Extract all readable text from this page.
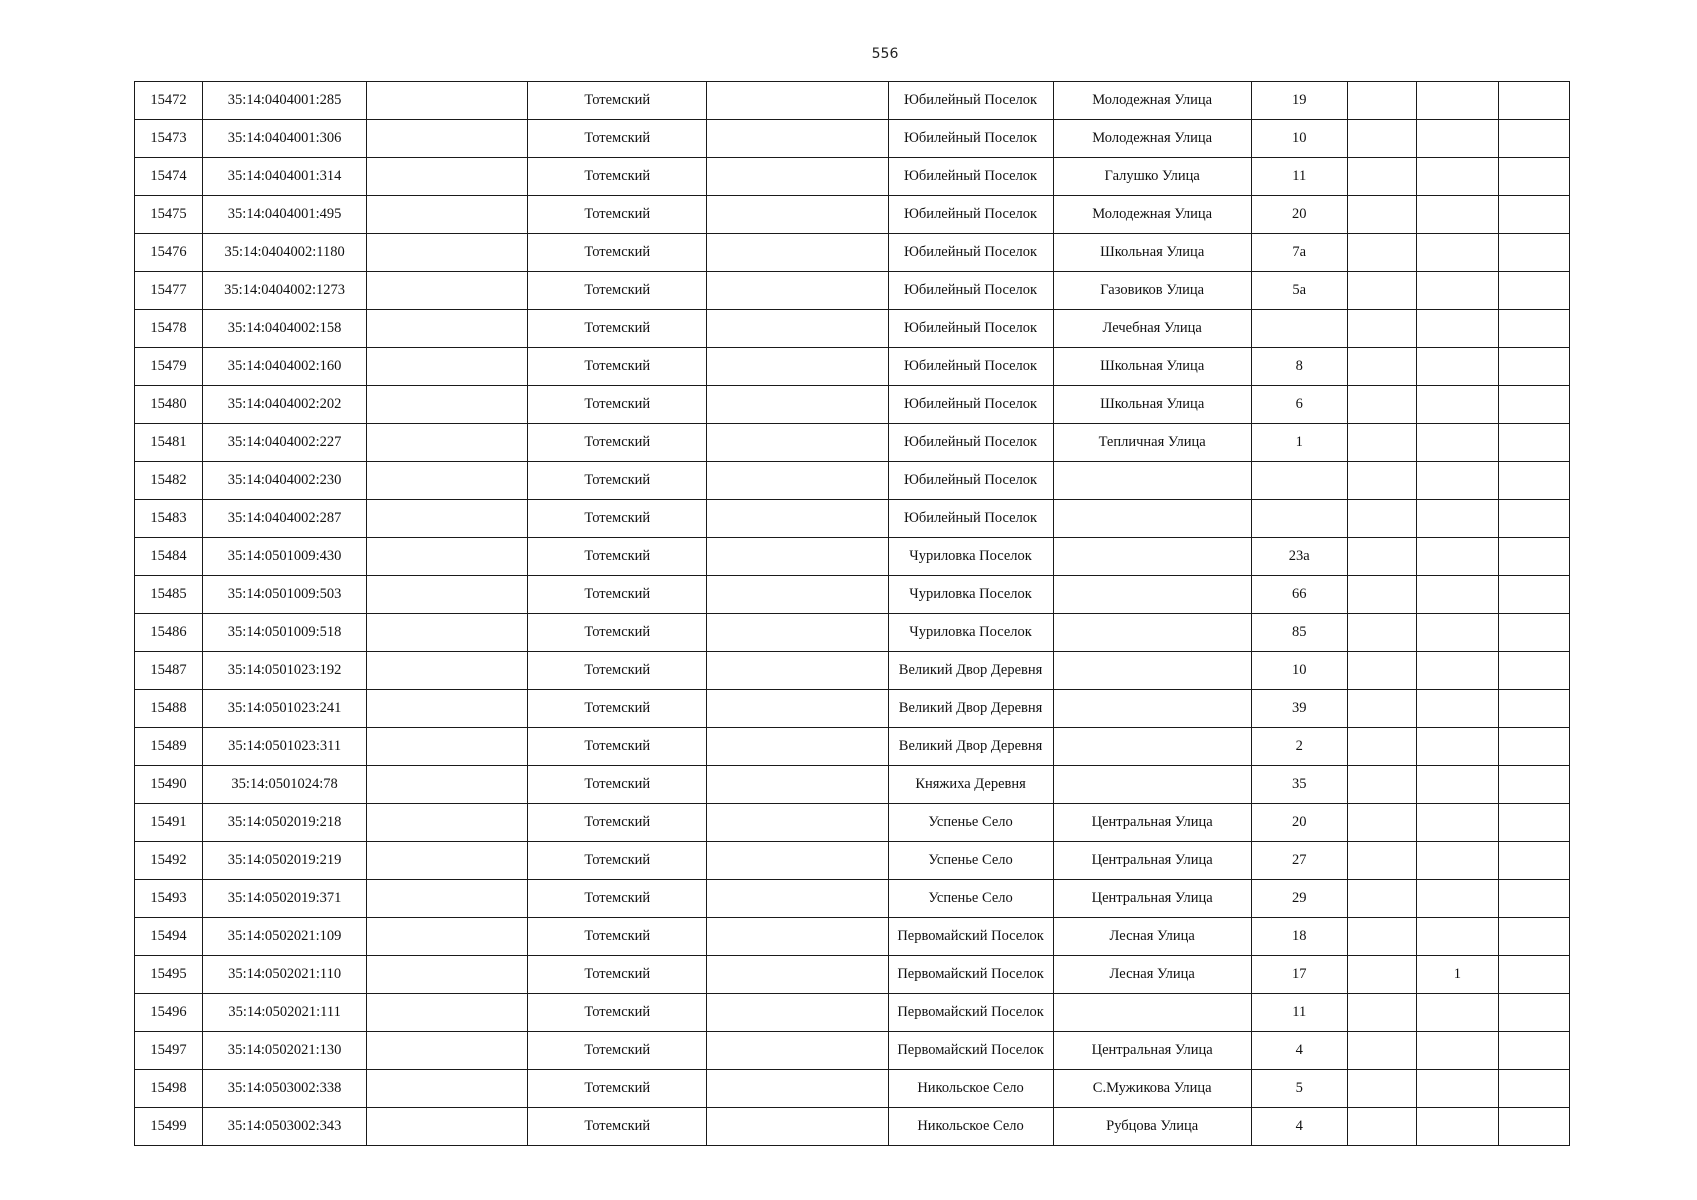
556
15472	35:14:0404001:285		Тотемский		Юбилейный Поселок	Молодежная Улица	19			
15473	35:14:0404001:306		Тотемский		Юбилейный Поселок	Молодежная Улица	10			
15474	35:14:0404001:314		Тотемский		Юбилейный Поселок	Галушко Улица	11			
15475	35:14:0404001:495		Тотемский		Юбилейный Поселок	Молодежная Улица	20			
15476	35:14:0404002:1180		Тотемский		Юбилейный Поселок	Школьная Улица	7а			
15477	35:14:0404002:1273		Тотемский		Юбилейный Поселок	Газовиков Улица	5а			
15478	35:14:0404002:158		Тотемский		Юбилейный Поселок	Лечебная Улица				
15479	35:14:0404002:160		Тотемский		Юбилейный Поселок	Школьная Улица	8			
15480	35:14:0404002:202		Тотемский		Юбилейный Поселок	Школьная Улица	6			
15481	35:14:0404002:227		Тотемский		Юбилейный Поселок	Тепличная Улица	1			
15482	35:14:0404002:230		Тотемский		Юбилейный Поселок					
15483	35:14:0404002:287		Тотемский		Юбилейный Поселок					
15484	35:14:0501009:430		Тотемский		Чуриловка Поселок		23а			
15485	35:14:0501009:503		Тотемский		Чуриловка Поселок		66			
15486	35:14:0501009:518		Тотемский		Чуриловка Поселок		85			
15487	35:14:0501023:192		Тотемский		Великий Двор Деревня		10			
15488	35:14:0501023:241		Тотемский		Великий Двор Деревня		39			
15489	35:14:0501023:311		Тотемский		Великий Двор Деревня		2			
15490	35:14:0501024:78		Тотемский		Княжиха Деревня		35			
15491	35:14:0502019:218		Тотемский		Успенье Село	Центральная Улица	20			
15492	35:14:0502019:219		Тотемский		Успенье Село	Центральная Улица	27			
15493	35:14:0502019:371		Тотемский		Успенье Село	Центральная Улица	29			
15494	35:14:0502021:109		Тотемский		Первомайский Поселок	Лесная Улица	18			
15495	35:14:0502021:110		Тотемский		Первомайский Поселок	Лесная Улица	17		1	
15496	35:14:0502021:111		Тотемский		Первомайский Поселок		11			
15497	35:14:0502021:130		Тотемский		Первомайский Поселок	Центральная Улица	4			
15498	35:14:0503002:338		Тотемский		Никольское Село	С.Мужикова Улица	5			
15499	35:14:0503002:343		Тотемский		Никольское Село	Рубцова Улица	4			
